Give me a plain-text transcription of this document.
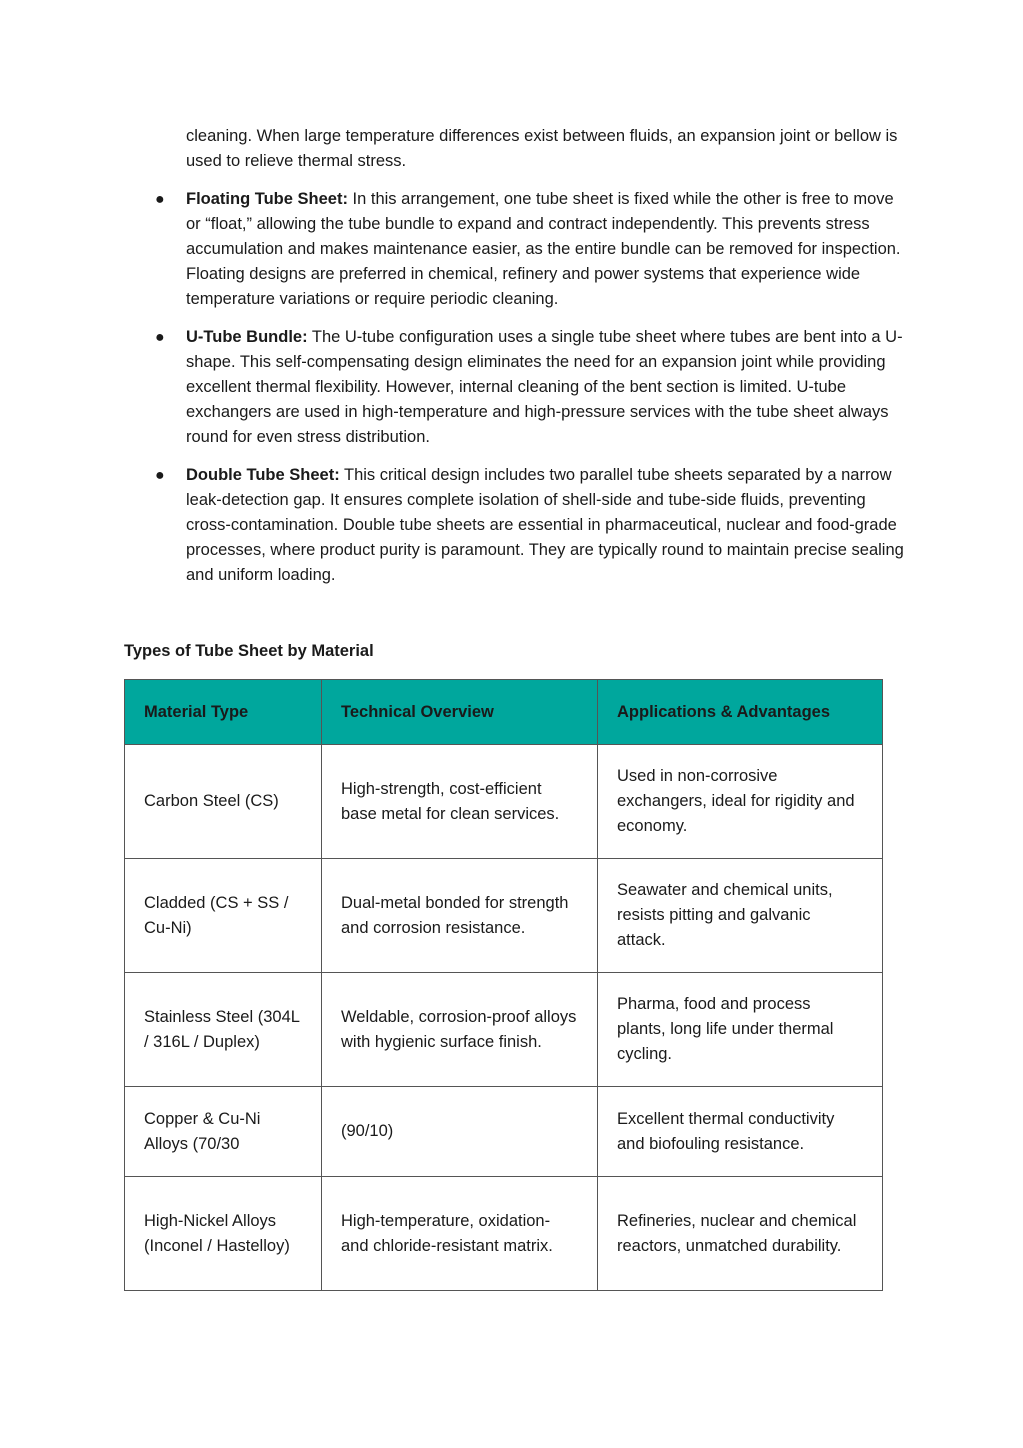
cleaning. When large temperature differences exist between fluids, an expansion joint or bellow is used to relieve thermal stress.

● Floating Tube Sheet: In this arrangement, one tube sheet is fixed while the other is free to move or “float,” allowing the tube bundle to expand and contract independently. This prevents stress accumulation and makes maintenance easier, as the entire bundle can be removed for inspection. Floating designs are preferred in chemical, refinery and power systems that experience wide temperature variations or require periodic cleaning.
● U-Tube Bundle: The U-tube configuration uses a single tube sheet where tubes are bent into a U-shape. This self-compensating design eliminates the need for an expansion joint while providing excellent thermal flexibility. However, internal cleaning of the bent section is limited. U-tube exchangers are used in high-temperature and high-pressure services with the tube sheet always round for even stress distribution.
● Double Tube Sheet: This critical design includes two parallel tube sheets separated by a narrow leak-detection gap. It ensures complete isolation of shell-side and tube-side fluids, preventing cross-contamination. Double tube sheets are essential in pharmaceutical, nuclear and food-grade processes, where product purity is paramount. They are typically round to maintain precise sealing and uniform loading.

Types of Tube Sheet by Material

Material Type	Technical Overview	Applications & Advantages
Carbon Steel (CS)	High-strength, cost-efficient base metal for clean services.	Used in non-corrosive exchangers, ideal for rigidity and economy.
Cladded (CS + SS / Cu-Ni)	Dual-metal bonded for strength and corrosion resistance.	Seawater and chemical units, resists pitting and galvanic attack.
Stainless Steel (304L / 316L / Duplex)	Weldable, corrosion-proof alloys with hygienic surface finish.	Pharma, food and process plants, long life under thermal cycling.
Copper & Cu-Ni Alloys (70/30	(90/10)	Excellent thermal conductivity and biofouling resistance.
High-Nickel Alloys (Inconel / Hastelloy)	High-temperature, oxidation- and chloride-resistant matrix.	Refineries, nuclear and chemical reactors, unmatched durability.
